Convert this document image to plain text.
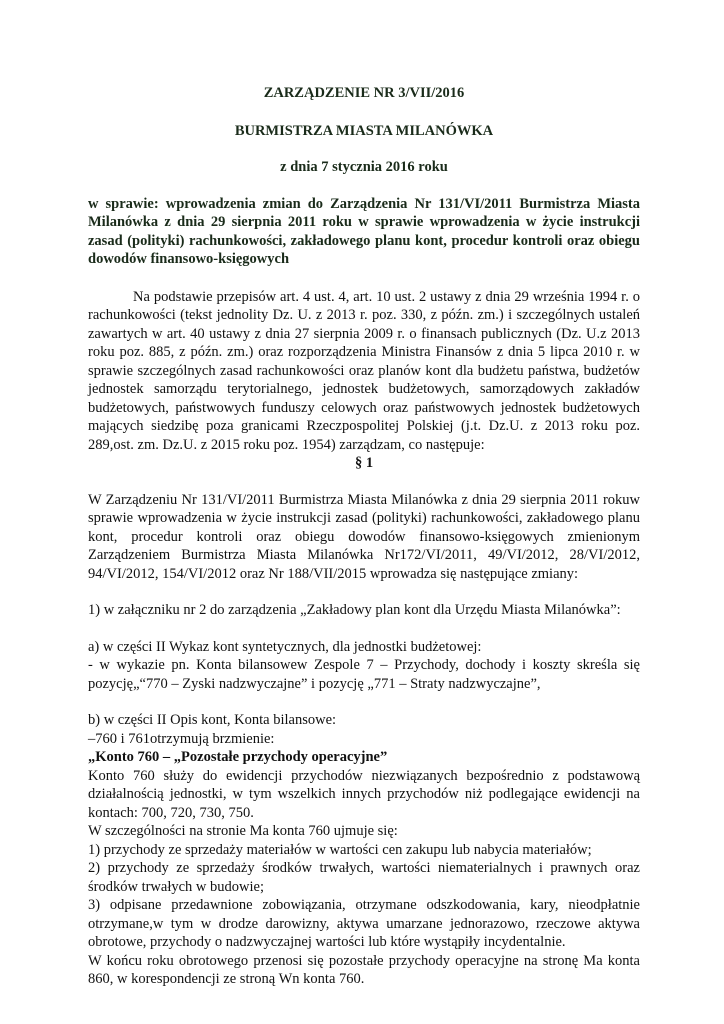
ZARZĄDZENIE NR 3/VII/2016

BURMISTRZA MIASTA MILANÓWKA

z dnia 7 stycznia 2016 roku

w sprawie: wprowadzenia zmian do Zarządzenia Nr 131/VI/2011 Burmistrza Miasta Milanówka z dnia 29 sierpnia 2011 roku w sprawie wprowadzenia w życie instrukcji zasad (polityki) rachunkowości, zakładowego planu kont, procedur kontroli oraz obiegu dowodów finansowo-księgowych

Na podstawie przepisów art. 4 ust. 4, art. 10 ust. 2 ustawy z dnia 29 września 1994 r. o rachunkowości (tekst jednolity Dz. U. z 2013 r. poz. 330, z późn. zm.) i szczególnych ustaleń zawartych w art. 40 ustawy z dnia 27 sierpnia 2009 r. o finansach publicznych (Dz. U.z 2013 roku poz. 885, z późn. zm.) oraz rozporządzenia Ministra Finansów z dnia 5 lipca 2010 r. w sprawie szczególnych zasad rachunkowości oraz planów kont dla budżetu państwa, budżetów jednostek samorządu terytorialnego, jednostek budżetowych, samorządowych zakładów budżetowych, państwowych funduszy celowych oraz państwowych jednostek budżetowych mających siedzibę poza granicami Rzeczpospolitej Polskiej (j.t. Dz.U. z 2013 roku poz. 289,ost. zm. Dz.U. z 2015 roku poz. 1954) zarządzam, co następuje:

§ 1

W Zarządzeniu Nr 131/VI/2011 Burmistrza Miasta Milanówka z dnia 29 sierpnia 2011 rokuw sprawie wprowadzenia w życie instrukcji zasad (polityki) rachunkowości, zakładowego planu kont, procedur kontroli oraz obiegu dowodów finansowo-księgowych zmienionym Zarządzeniem Burmistrza Miasta Milanówka Nr172/VI/2011, 49/VI/2012, 28/VI/2012, 94/VI/2012, 154/VI/2012 oraz Nr 188/VII/2015 wprowadza się następujące zmiany:

1) w załączniku nr 2 do zarządzenia „Zakładowy plan kont dla Urzędu Miasta Milanówka”:

a) w części II Wykaz kont syntetycznych, dla jednostki budżetowej:

- w wykazie pn. Konta bilansowew Zespole 7 – Przychody, dochody i koszty skreśla się pozycję„“770 – Zyski nadzwyczajne” i pozycję „771 – Straty nadzwyczajne”,

b) w części II Opis kont, Konta bilansowe:

–760 i 761otrzymują brzmienie:

„Konto 760 – „Pozostałe przychody operacyjne”

Konto 760 służy do ewidencji przychodów niezwiązanych bezpośrednio z podstawową działalnością jednostki, w tym wszelkich innych przychodów niż podlegające ewidencji na kontach: 700, 720, 730, 750.

W szczególności na stronie Ma konta 760 ujmuje się:

1) przychody ze sprzedaży materiałów w wartości cen zakupu lub nabycia materiałów;

2) przychody ze sprzedaży środków trwałych, wartości niematerialnych i prawnych oraz środków trwałych w budowie;

3) odpisane przedawnione zobowiązania, otrzymane odszkodowania, kary, nieodpłatnie otrzymane,w tym w drodze darowizny, aktywa umarzane jednorazowo, rzeczowe aktywa obrotowe, przychody o nadzwyczajnej wartości lub które wystąpiły incydentalnie.

W końcu roku obrotowego przenosi się pozostałe przychody operacyjne na stronę Ma konta 860, w korespondencji ze stroną Wn konta 760.
